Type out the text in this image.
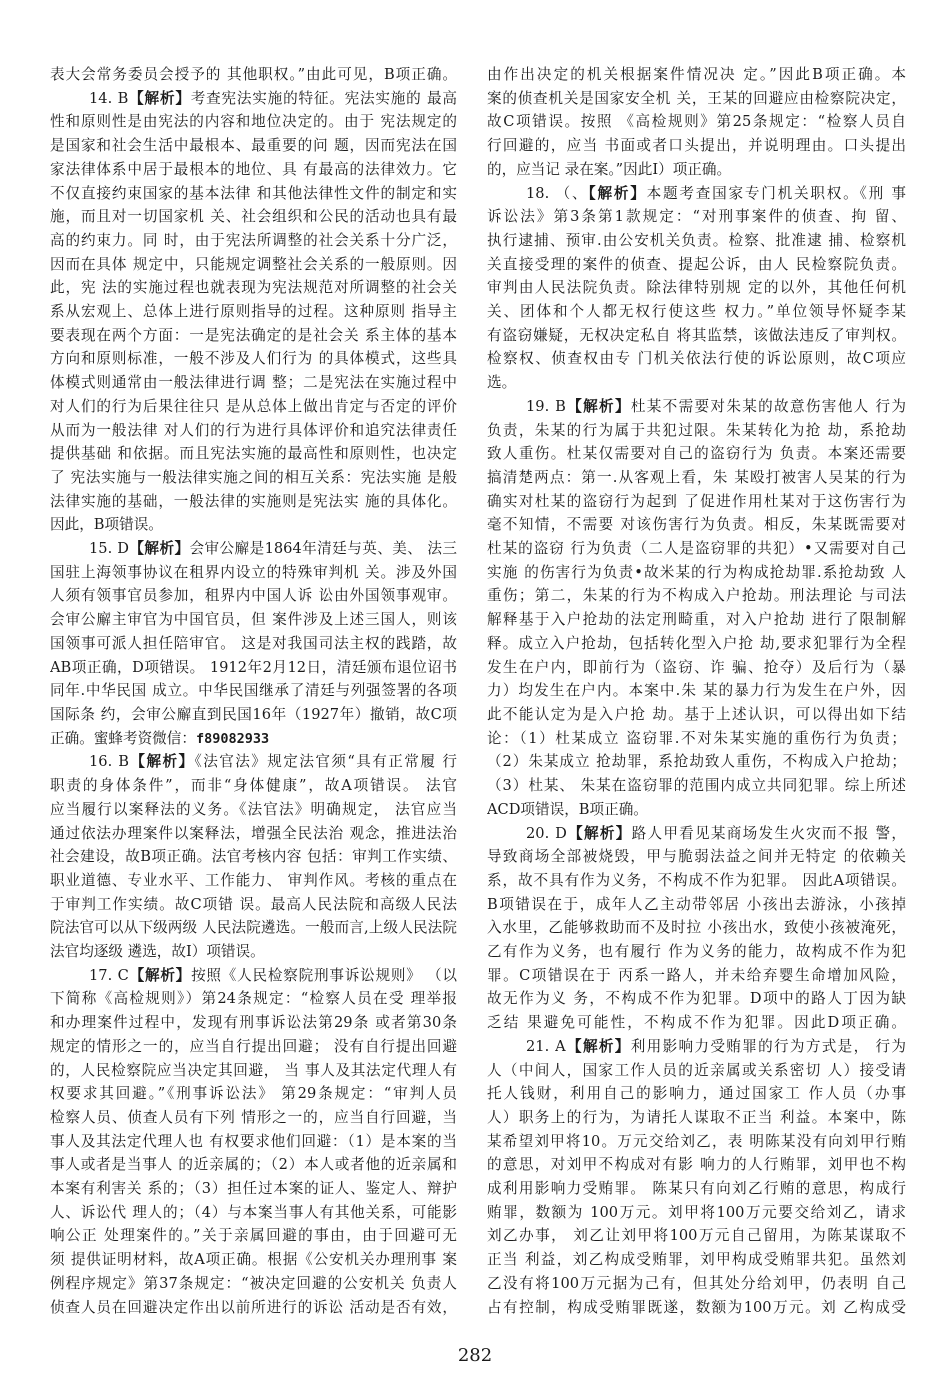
表大会常务委员会授予的 其他职权。”由此可见，B项正确。
14. B【解析】考查宪法实施的特征。宪法实施的 最高
性和原则性是由宪法的内容和地位决定的。由于 宪法规定的
是国家和社会生活中最根本、最重要的问 题，因而宪法在国
家法律体系中居于最根本的地位、具 有最高的法律效力。它
不仅直接约束国家的基本法律 和其他法律性文件的制定和实
施，而且对一切国家机 关、社会组织和公民的活动也具有最
高的约束力。同 时，由于宪法所调整的社会关系十分广泛，
因而在具体 规定中，只能规定调整社会关系的一般原则。因
此，宪 法的实施过程也就表现为宪法规范对所调整的社会关
系从宏观上、总体上进行原则指导的过程。这种原则 指导主
要表现在两个方面：一是宪法确定的是社会关 系主体的基本
方向和原则标准，一般不涉及人们行为 的具体模式，这些具
体模式则通常由一般法律进行调 整；二是宪法在实施过程中
对人们的行为后果往往只 是从总体上做出肯定与否定的评价
从而为一般法律 对人们的行为进行具体评价和追究法律责任
提供基础 和依据。而且宪法实施的最高性和原则性，也决定
了 宪法实施与一般法律实施之间的相互关系：宪法实施 是般
法律实施的基础，一般法律的实施则是宪法实 施的具体化。
因此，B项错误。
15. D【解析】会审公廨是1864年清廷与英、美、 法三
国驻上海领事协议在租界内设立的特殊审判机 关。涉及外国
人须有领事官员参加，租界内中国人诉 讼由外国领事观审。
会审公廨主审官为中国官员，但 案件涉及上述三国人，则该
国领事可派人担任陪审官。 这是对我国司法主权的践踏，故
AB项正确，D项错误。 1912年2月12日，清廷颁布退位诏书
同年.中华民国 成立。中华民国继承了清廷与列强签署的各项
国际条 约，会审公廨直到民国16年（1927年）撤销，故C项
正确。蜜蜂考资微信：f89082933
16. B【解析】《法官法》规定法官须“具有正常履 行
职责的身体条件”，而非“身体健康”，故A项错误。 法官
应当履行以案释法的义务。《法官法》明确规定， 法官应当
通过依法办理案件以案释法，增强全民法治 观念，推进法治
社会建设，故B项正确。法官考核内容 包括：审判工作实绩、
职业道德、专业水平、工作能力、 审判作风。考核的重点在
于审判工作实绩。故C项错 误。最高人民法院和高级人民法
院法官可以从下级两级 人民法院遴选。一般而言,上级人民法院
法官均逐级 遴选，故I）项错误。
17. C【解析】按照《人民检察院刑事诉讼规则》 （以
下简称《高检规则》）第24条规定：“检察人员在受 理举报
和办理案件过程中，发现有刑事诉讼法第29条 或者第30条
规定的情形之一的，应当自行提出回避； 没有自行提出回避
的，人民检察院应当决定其回避， 当 事人及其法定代理人有
权要求其回避。”《刑事诉讼法》 第29条规定：“审判人员
检察人员、侦查人员有下列 情形之一的，应当自行回避，当
事人及其法定代理人也 有权要求他们回避：（1）是本案的当
事人或者是当事人 的近亲属的；（2）本人或者他的近亲属和
本案有利害关 系的；（3）担任过本案的证人、鉴定人、辩护
人、诉讼代 理人的；（4）与本案当事人有其他关系，可能影
响公正 处理案件的。”关于亲属回避的事由，由于回避可无
须 提供证明材料，故A项正确。根据《公安机关办理刑事 案
例程序规定》第37条规定：“被决定回避的公安机关 负责人
侦查人员在回避决定作出以前所进行的诉讼 活动是否有效，
由作出决定的机关根据案件情况决 定。”因此B项正确。本
案的侦查机关是国家安全机 关，王某的回避应由检察院决定，
故C项错误。按照 《高检规则》第25条规定：“检察人员自
行回避的，应当 书面或者口头提出，并说明理由。口头提出
的，应当记 录在案。”因此I）项正确。
18. （、【解析】本题考查国家专门机关职权。《刑 事
诉讼法》第3条第1款规定：“对刑事案件的侦查、拘 留、
执行逮捕、预审.由公安机关负责。检察、批准逮 捕、检察机
关直接受理的案件的侦查、提起公诉，由人 民检察院负责。
审判由人民法院负责。除法律特别规 定的以外，其他任何机
关、团体和个人都无权行使这些 权力。”单位领导怀疑李某
有盗窃嫌疑，无权决定私自 将其监禁，该做法违反了审判权。
检察权、侦查权由专 门机关依法行使的诉讼原则，故C项应
选。
19. B【解析】杜某不需要对朱某的故意伤害他人 行为
负责，朱某的行为属于共犯过限。朱某转化为抢 劫，系抢劫
致人重伤。杜某仅需要对自己的盗窃行为 负责。本案还需要
搞清楚两点：第一.从客观上看，朱 某殴打被害人吴某的行为
确实对杜某的盗窃行为起到 了促进作用杜某对于这伤害行为
毫不知情，不需要 对该伤害行为负责。相反，朱某既需要对
杜某的盗窃 行为负责（二人是盗窃罪的共犯）•又需要对自己
实施 的伤害行为负责•故米某的行为构成抢劫罪.系抢劫致 人
重伤；第二，朱某的行为不构成入户抢劫。刑法理论 与司法
解释基于入户抢劫的法定刑畸重，对入户抢劫 进行了限制解
释。成立入户抢劫，包括转化型入户抢 劫,要求犯罪行为全程
发生在户内，即前行为（盗窃、诈 骗、抢夺）及后行为（暴
力）均发生在户内。本案中.朱 某的暴力行为发生在户外，因
此不能认定为是入户抢 劫。基于上述认识，可以得出如下结
论：（1）杜某成立 盗窃罪.不对朱某实施的重伤行为负责；
（2）朱某成立 抢劫罪，系抢劫致人重伤，不构成入户抢劫；
（3）杜某、 朱某在盗窃罪的范围内成立共同犯罪。综上所述
ACD项错误，B项正确。
20. D【解析】路人甲看见某商场发生火灾而不报 警，
导致商场全部被烧毁，甲与脆弱法益之间并无特定 的依赖关
系，故不具有作为义务，不构成不作为犯罪。 因此A项错误。
B项错误在于，成年人乙主动带邻居 小孩出去游泳，小孩掉
入水里，乙能够救助而不及时拉 小孩出水，致使小孩被淹死，
乙有作为义务，也有履行 作为义务的能力，故构成不作为犯
罪。C项错误在于 丙系一路人，并未给弃婴生命增加风险，
故无作为义 务，不构成不作为犯罪。D项中的路人丁因为缺
乏结 果避免可能性，不构成不作为犯罪。因此D项正确。
21. A【解析】利用影响力受贿罪的行为方式是， 行为
人（中间人，国家工作人员的近亲属或关系密切 人）接受请
托人钱财，利用自己的影响力，通过国家工 作人员（办事
人）职务上的行为，为请托人谋取不正当 利益。本案中，陈
某希望刘甲将10。万元交给刘乙，表 明陈某没有向刘甲行贿
的意思，对刘甲不构成对有影 响力的人行贿罪，刘甲也不构
成利用影响力受贿罪。 陈某只有向刘乙行贿的意思，构成行
贿罪，数额为 100万元。刘甲将100万元要交给刘乙，请求
刘乙办事， 刘乙让刘甲将100万元自己留用，为陈某谋取不
正当 利益，刘乙构成受贿罪，刘甲构成受贿罪共犯。虽然刘
乙没有将100万元据为己有，但其处分给刘甲，仍表明 自己
占有控制，构成受贿罪既遂，数额为100万元。刘 乙构成受
282
